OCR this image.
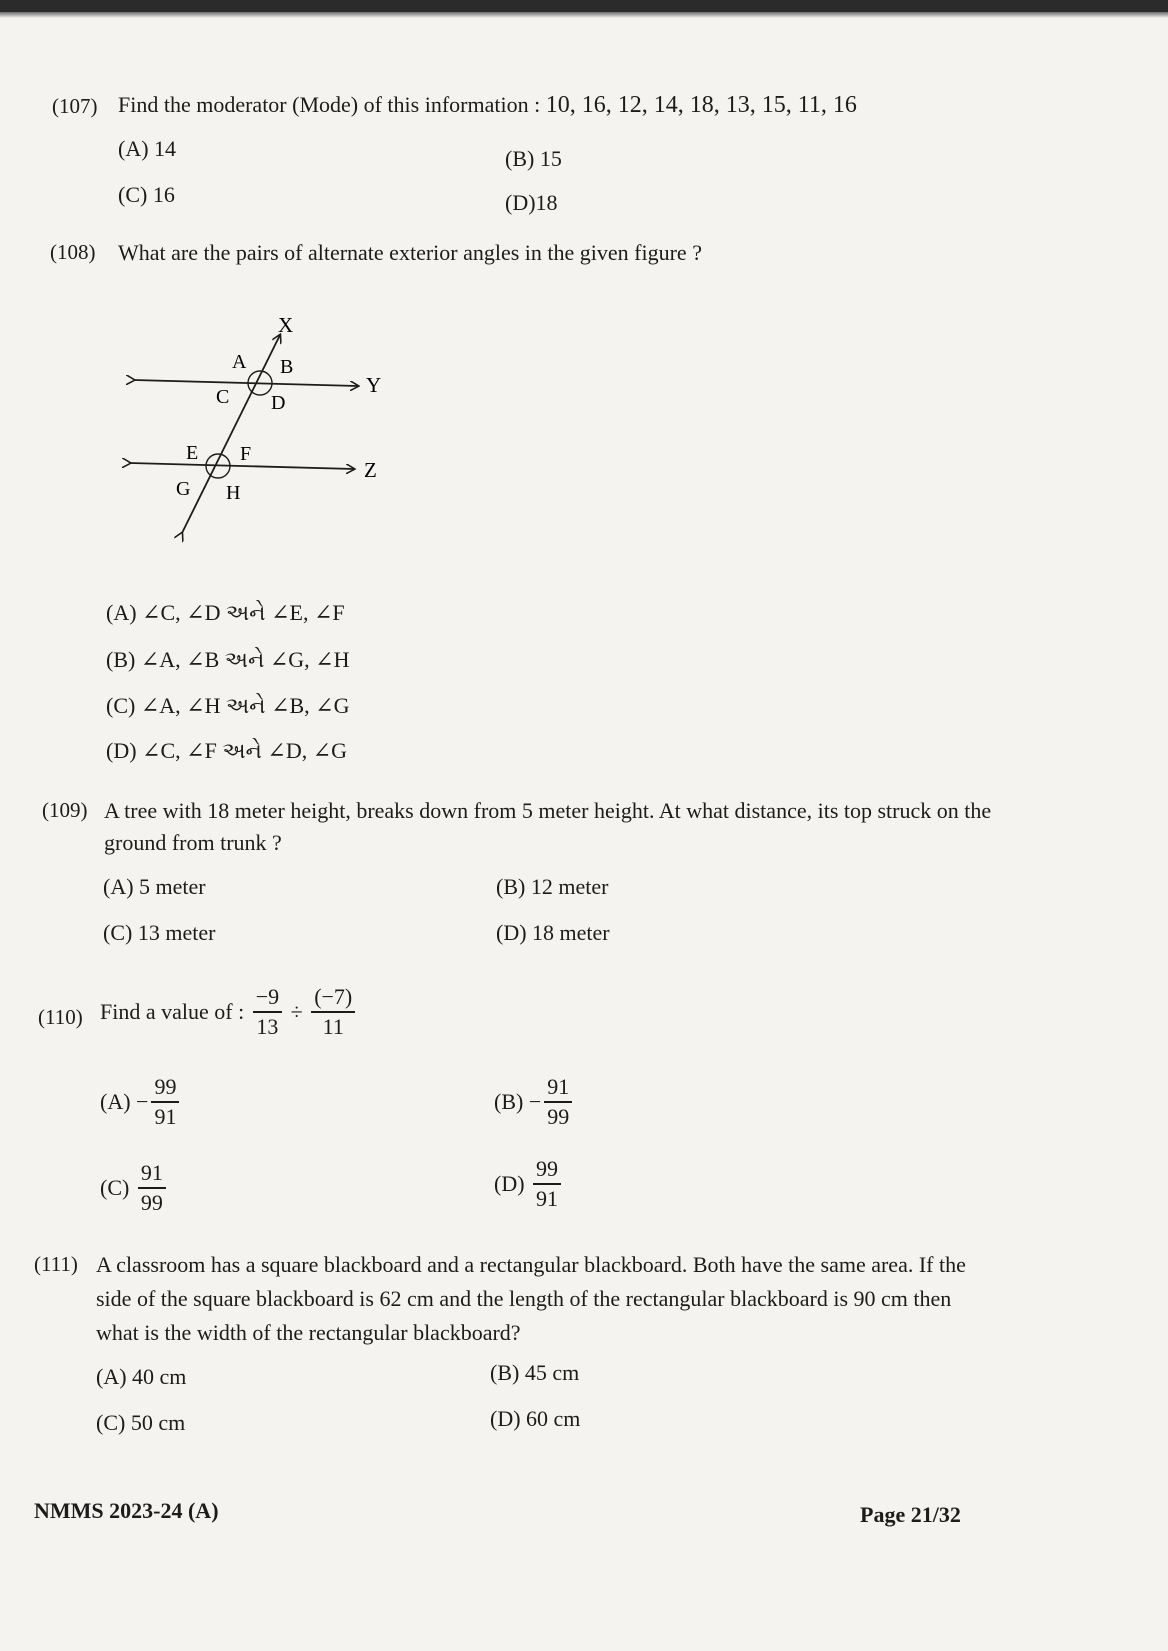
(107) Find the moderator (Mode) of this information : 10, 16, 12, 14, 18, 13, 15, 11, 16
(A) 14	(B) 15
(C) 16	(D)18
(108) What are the pairs of alternate exterior angles in the given figure ?
X
Y
Z
A B
C D
E F
G H
(A) ∠C, ∠D અને ∠E, ∠F
(B) ∠A, ∠B અને ∠G, ∠H
(C) ∠A, ∠H અને ∠B, ∠G
(D) ∠C, ∠F અને ∠D, ∠G
(109) A tree with 18 meter height, breaks down from 5 meter height. At what distance, its top struck on the
ground from trunk ?
(A) 5 meter	(B) 12 meter
(C) 13 meter	(D) 18 meter
(110) Find a value of : $\frac{-9}{13} \div \frac{(-7)}{11}$
$(A) - \frac{99}{91}$	$(B) - \frac{91}{99}$
$(C) \frac{91}{99}$	$(D) \frac{99}{91}$
(111) A classroom has a square blackboard and a rectangular blackboard. Both have the same area. If the
side of the square blackboard is 62 cm and the length of the rectangular blackboard is 90 cm then
what is the width of the rectangular blackboard?
(A) 40 cm	(B) 45 cm
(C) 50 cm	(D) 60 cm
NMMS 2023-24 (A)	Page 21/32
